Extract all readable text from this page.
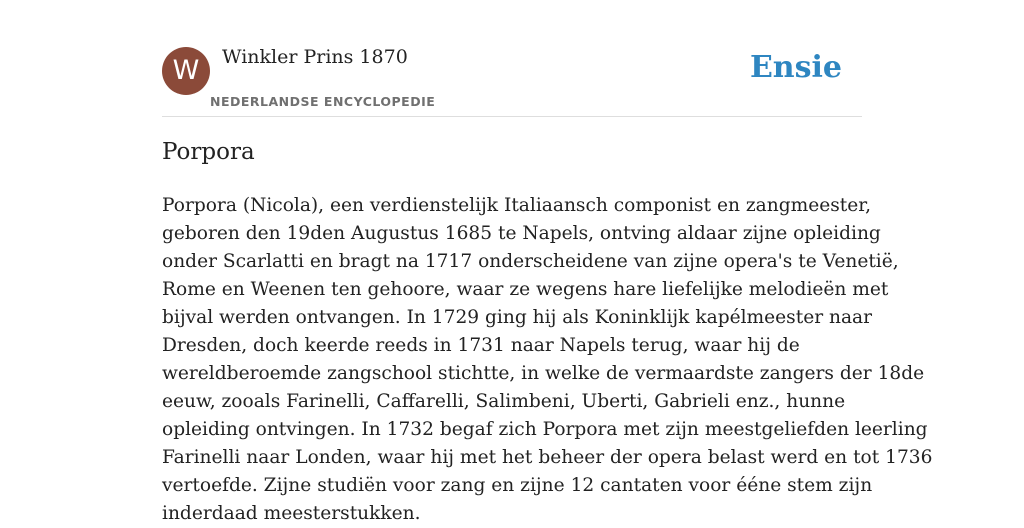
W	Winkler Prins 1870
NEDERLANDSE ENCYCLOPEDIE
Ensie
Porpora

Porpora (Nicola), een verdienstelijk Italiaansch componist en zangmeester,
geboren den 19den Augustus 1685 te Napels, ontving aldaar zijne opleiding
onder Scarlatti en bragt na 1717 onderscheidene van zijne opera's te Venetië,
Rome en Weenen ten gehoore, waar ze wegens hare liefelijke melodieën met
bijval werden ontvangen. In 1729 ging hij als Koninklijk kapélmeester naar
Dresden, doch keerde reeds in 1731 naar Napels terug, waar hij de
wereldberoemde zangschool stichtte, in welke de vermaardste zangers der 18de
eeuw, zooals Farinelli, Caffarelli, Salimbeni, Uberti, Gabrieli enz., hunne
opleiding ontvingen. In 1732 begaf zich Porpora met zijn meestgeliefden leerling
Farinelli naar Londen, waar hij met het beheer der opera belast werd en tot 1736
vertoefde. Zijne studiën voor zang en zijne 12 cantaten voor ééne stem zijn
inderdaad meesterstukken.
